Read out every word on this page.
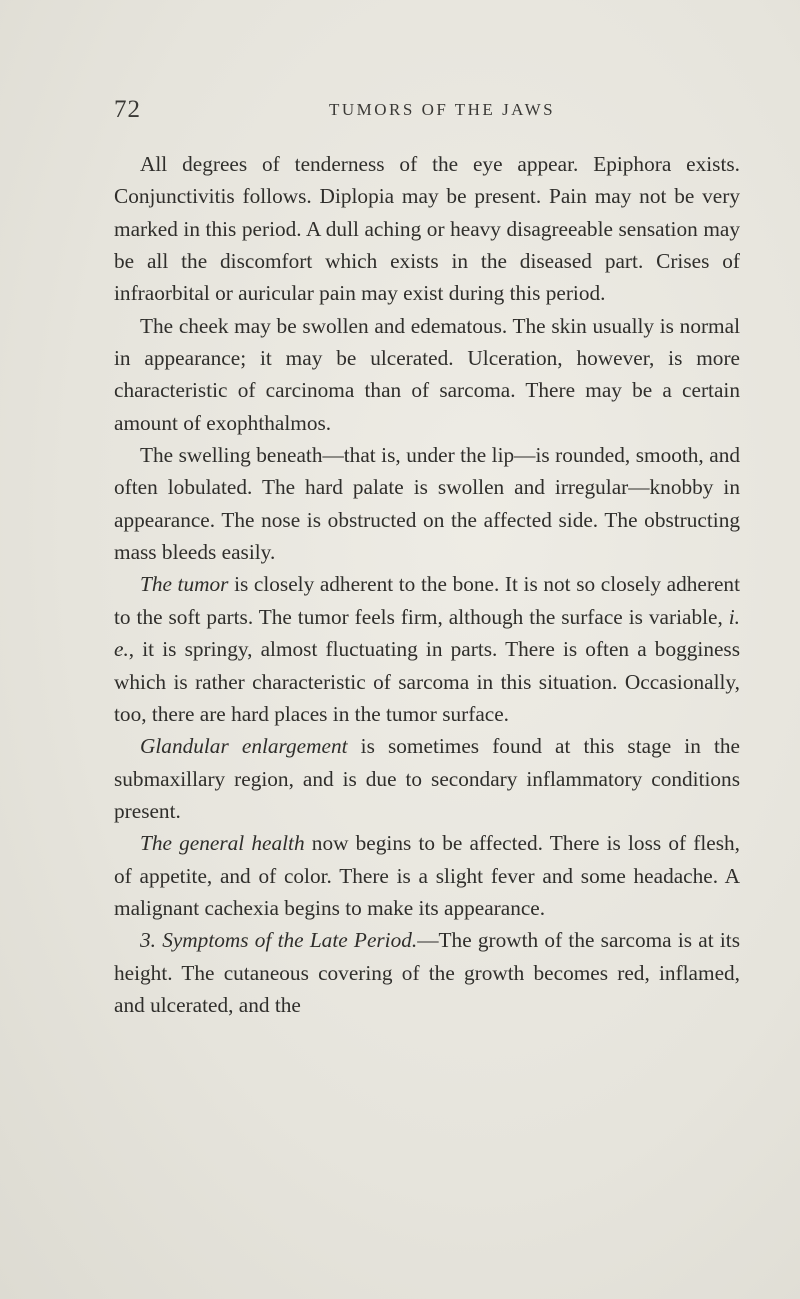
72	TUMORS OF THE JAWS

All degrees of tenderness of the eye appear. Epiphora exists. Conjunctivitis follows. Diplopia may be present. Pain may not be very marked in this period. A dull aching or heavy disagreeable sensation may be all the discomfort which exists in the diseased part. Crises of infraorbital or auricular pain may exist during this period.

The cheek may be swollen and edematous. The skin usually is normal in appearance; it may be ulcerated. Ulceration, however, is more characteristic of carcinoma than of sarcoma. There may be a certain amount of exophthalmos.

The swelling beneath—that is, under the lip—is rounded, smooth, and often lobulated. The hard palate is swollen and irregular—knobby in appearance. The nose is obstructed on the affected side. The obstructing mass bleeds easily.

The tumor is closely adherent to the bone. It is not so closely adherent to the soft parts. The tumor feels firm, although the surface is variable, i. e., it is springy, almost fluctuating in parts. There is often a bogginess which is rather characteristic of sarcoma in this situation. Occasionally, too, there are hard places in the tumor surface.

Glandular enlargement is sometimes found at this stage in the submaxillary region, and is due to secondary inflammatory conditions present.

The general health now begins to be affected. There is loss of flesh, of appetite, and of color. There is a slight fever and some headache. A malignant cachexia begins to make its appearance.

3. Symptoms of the Late Period.—The growth of the sarcoma is at its height. The cutaneous covering of the growth becomes red, inflamed, and ulcerated, and the
